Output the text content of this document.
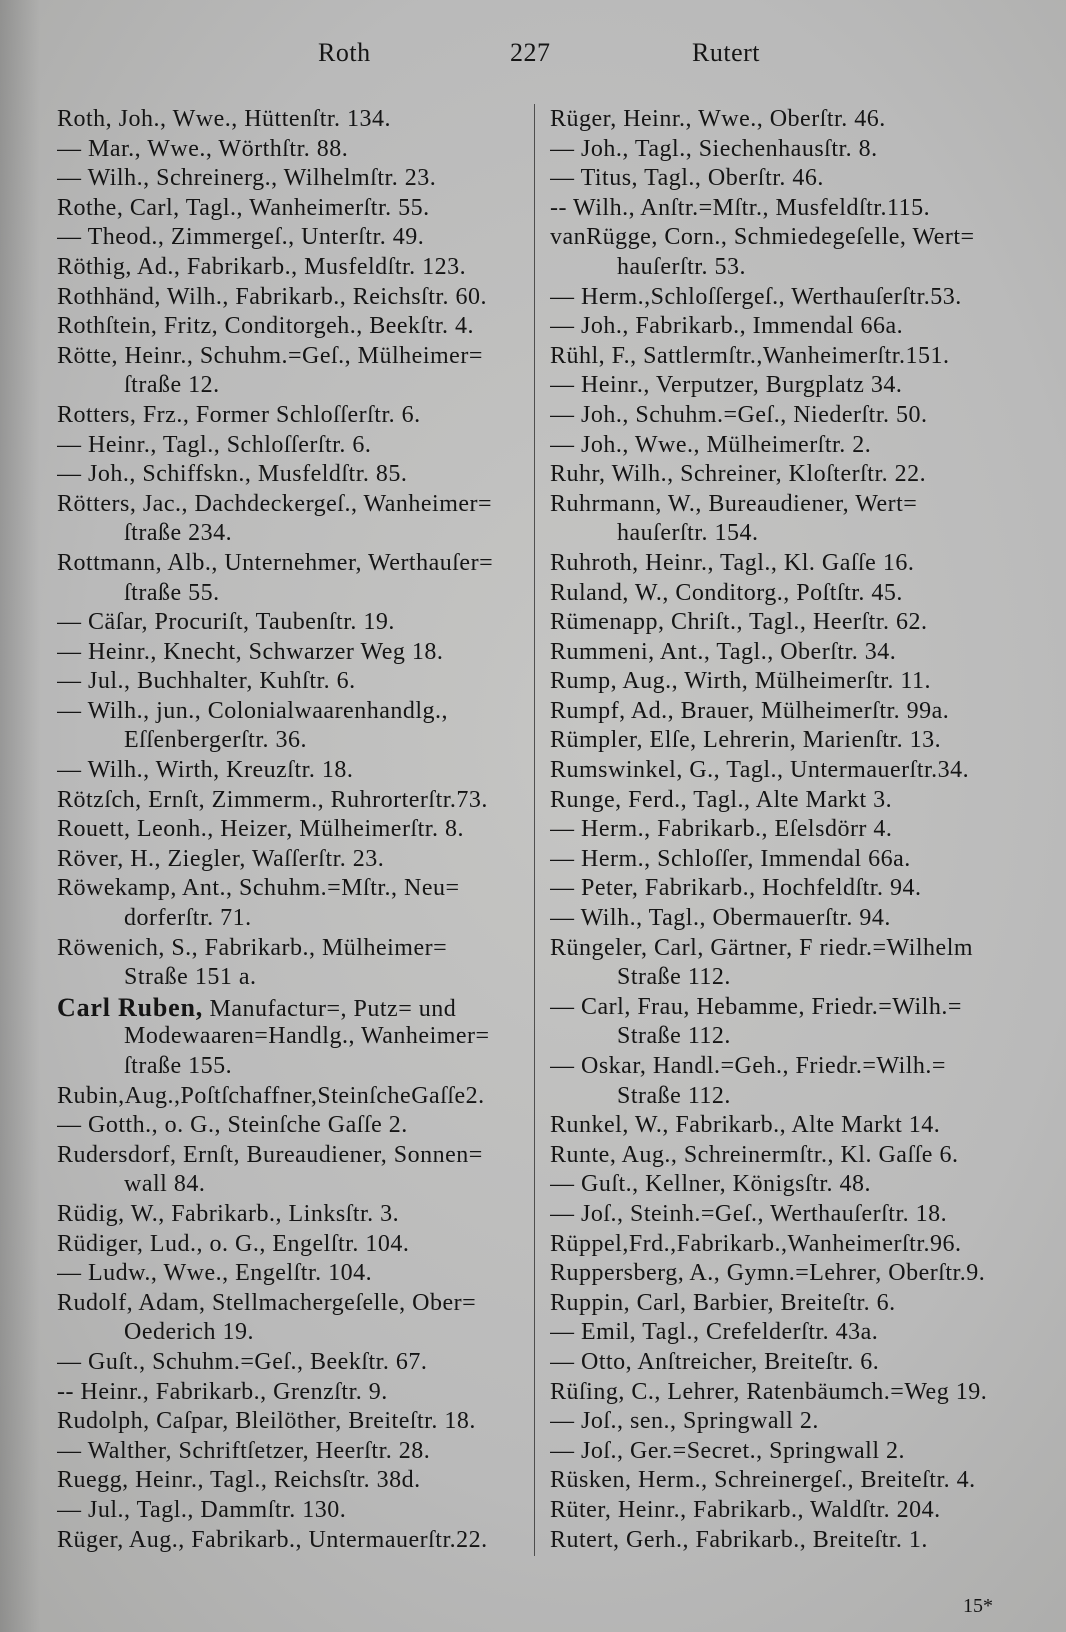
Roth	227	Rutert
Roth, Joh., Wwe., Hüttenſtr. 134.
— Mar., Wwe., Wörthſtr. 88.
— Wilh., Schreinerg., Wilhelmſtr. 23.
Rothe, Carl, Tagl., Wanheimerſtr. 55.
— Theod., Zimmergeſ., Unterſtr. 49.
Röthig, Ad., Fabrikarb., Musfeldſtr. 123.
Rothhänd, Wilh., Fabrikarb., Reichsſtr. 60.
Rothſtein, Fritz, Conditorgeh., Beekſtr. 4.
Rötte, Heinr., Schuhm.=Geſ., Mülheimer=
ſtraße 12.
Rotters, Frz., Former Schloſſerſtr. 6.
— Heinr., Tagl., Schloſſerſtr. 6.
— Joh., Schiffskn., Musfeldſtr. 85.
Rötters, Jac., Dachdeckergeſ., Wanheimer=
ſtraße 234.
Rottmann, Alb., Unternehmer, Werthauſer=
ſtraße 55.
— Cäſar, Procuriſt, Taubenſtr. 19.
— Heinr., Knecht, Schwarzer Weg 18.
— Jul., Buchhalter, Kuhſtr. 6.
— Wilh., jun., Colonialwaarenhandlg.,
Eſſenbergerſtr. 36.
— Wilh., Wirth, Kreuzſtr. 18.
Rötzſch, Ernſt, Zimmerm., Ruhrorterſtr.73.
Rouett, Leonh., Heizer, Mülheimerſtr. 8.
Röver, H., Ziegler, Waſſerſtr. 23.
Röwekamp, Ant., Schuhm.=Mſtr., Neu=
dorferſtr. 71.
Röwenich, S., Fabrikarb., Mülheimer=
Straße 151 a.
Carl Ruben, Manufactur=, Putz= und
Modewaaren=Handlg., Wanheimer=
ſtraße 155.
Rubin,Aug.,Poſtſchaffner,SteinſcheGaſſe2.
— Gotth., o. G., Steinſche Gaſſe 2.
Rudersdorf, Ernſt, Bureaudiener, Sonnen=
wall 84.
Rüdig, W., Fabrikarb., Linksſtr. 3.
Rüdiger, Lud., o. G., Engelſtr. 104.
— Ludw., Wwe., Engelſtr. 104.
Rudolf, Adam, Stellmachergeſelle, Ober=
Oederich 19.
— Guſt., Schuhm.=Geſ., Beekſtr. 67.
-- Heinr., Fabrikarb., Grenzſtr. 9.
Rudolph, Caſpar, Bleilöther, Breiteſtr. 18.
— Walther, Schriftſetzer, Heerſtr. 28.
Ruegg, Heinr., Tagl., Reichsſtr. 38d.
— Jul., Tagl., Dammſtr. 130.
Rüger, Aug., Fabrikarb., Untermauerſtr.22.
Rüger, Heinr., Wwe., Oberſtr. 46.
— Joh., Tagl., Siechenhausſtr. 8.
— Titus, Tagl., Oberſtr. 46.
-- Wilh., Anſtr.=Mſtr., Musfeldſtr.115.
vanRügge, Corn., Schmiedegeſelle, Wert=
hauſerſtr. 53.
— Herm.,Schloſſergeſ., Werthauſerſtr.53.
— Joh., Fabrikarb., Immendal 66a.
Rühl, F., Sattlermſtr.,Wanheimerſtr.151.
— Heinr., Verputzer, Burgplatz 34.
— Joh., Schuhm.=Geſ., Niederſtr. 50.
— Joh., Wwe., Mülheimerſtr. 2.
Ruhr, Wilh., Schreiner, Kloſterſtr. 22.
Ruhrmann, W., Bureaudiener, Wert=
hauſerſtr. 154.
Ruhroth, Heinr., Tagl., Kl. Gaſſe 16.
Ruland, W., Conditorg., Poſtſtr. 45.
Rümenapp, Chriſt., Tagl., Heerſtr. 62.
Rummeni, Ant., Tagl., Oberſtr. 34.
Rump, Aug., Wirth, Mülheimerſtr. 11.
Rumpf, Ad., Brauer, Mülheimerſtr. 99a.
Rümpler, Elſe, Lehrerin, Marienſtr. 13.
Rumswinkel, G., Tagl., Untermauerſtr.34.
Runge, Ferd., Tagl., Alte Markt 3.
— Herm., Fabrikarb., Eſelsdörr 4.
— Herm., Schloſſer, Immendal 66a.
— Peter, Fabrikarb., Hochfeldſtr. 94.
— Wilh., Tagl., Obermauerſtr. 94.
Rüngeler, Carl, Gärtner, F riedr.=Wilhelm
Straße 112.
— Carl, Frau, Hebamme, Friedr.=Wilh.=
Straße 112.
— Oskar, Handl.=Geh., Friedr.=Wilh.=
Straße 112.
Runkel, W., Fabrikarb., Alte Markt 14.
Runte, Aug., Schreinermſtr., Kl. Gaſſe 6.
— Guſt., Kellner, Königsſtr. 48.
— Joſ., Steinh.=Geſ., Werthauſerſtr. 18.
Rüppel,Frd.,Fabrikarb.,Wanheimerſtr.96.
Ruppersberg, A., Gymn.=Lehrer, Oberſtr.9.
Ruppin, Carl, Barbier, Breiteſtr. 6.
— Emil, Tagl., Crefelderſtr. 43a.
— Otto, Anſtreicher, Breiteſtr. 6.
Rüſing, C., Lehrer, Ratenbäumch.=Weg 19.
— Joſ., sen., Springwall 2.
— Joſ., Ger.=Secret., Springwall 2.
Rüsken, Herm., Schreinergeſ., Breiteſtr. 4.
Rüter, Heinr., Fabrikarb., Waldſtr. 204.
Rutert, Gerh., Fabrikarb., Breiteſtr. 1.
15*
